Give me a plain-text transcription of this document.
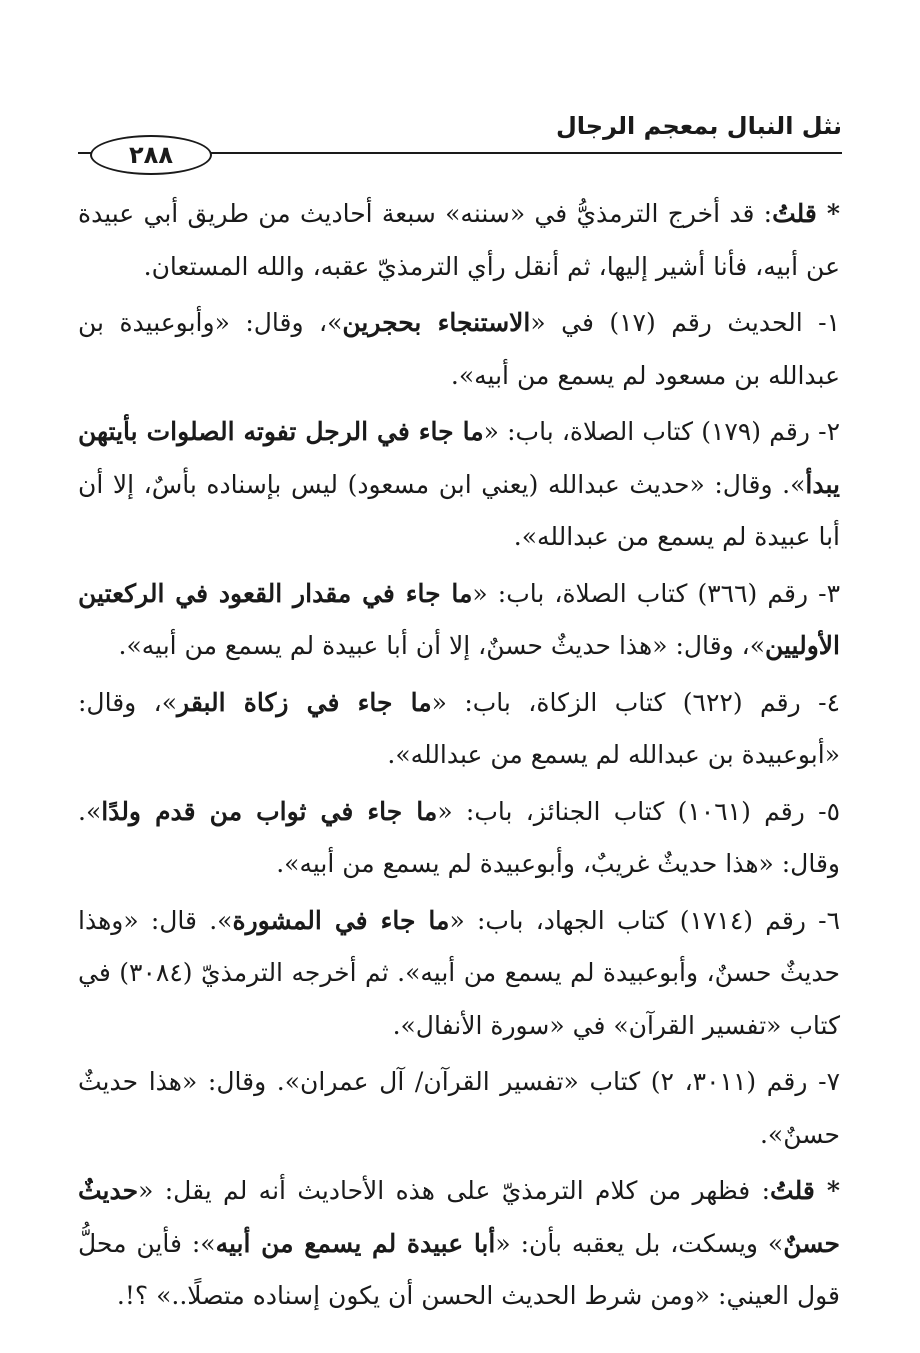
نثل النبال بمعجم الرجال
٢٨٨

* قلتُ: قد أخرج الترمذيُّ في «سننه» سبعة أحاديث من طريق أبي عبيدة عن أبيه، فأنا أشير إليها، ثم أنقل رأي الترمذيّ عقبه، والله المستعان.

١- الحديث رقم (١٧) في «الاستنجاء بحجرين»، وقال: «وأبوعبيدة بن عبدالله بن مسعود لم يسمع من أبيه».

٢- رقم (١٧٩) كتاب الصلاة، باب: «ما جاء في الرجل تفوته الصلوات بأيتهن يبدأ». وقال: «حديث عبدالله (يعني ابن مسعود) ليس بإسناده بأسٌ، إلا أن أبا عبيدة لم يسمع من عبدالله».

٣- رقم (٣٦٦) كتاب الصلاة، باب: «ما جاء في مقدار القعود في الركعتين الأوليين»، وقال: «هذا حديثٌ حسنٌ، إلا أن أبا عبيدة لم يسمع من أبيه».

٤- رقم (٦٢٢) كتاب الزكاة، باب: «ما جاء في زكاة البقر»، وقال: «أبوعبيدة بن عبدالله لم يسمع من عبدالله».

٥- رقم (١٠٦١) كتاب الجنائز، باب: «ما جاء في ثواب من قدم ولدًا». وقال: «هذا حديثٌ غريبٌ، وأبوعبيدة لم يسمع من أبيه».

٦- رقم (١٧١٤) كتاب الجهاد، باب: «ما جاء في المشورة». قال: «وهذا حديثٌ حسنٌ، وأبوعبيدة لم يسمع من أبيه». ثم أخرجه الترمذيّ (٣٠٨٤) في كتاب «تفسير القرآن» في «سورة الأنفال».

٧- رقم (٣٠١١، ٢) كتاب «تفسير القرآن/ آل عمران». وقال: «هذا حديثٌ حسنٌ».

* قلتُ: فظهر من كلام الترمذيّ على هذه الأحاديث أنه لم يقل: «حديثٌ حسنٌ» ويسكت، بل يعقبه بأن: «أبا عبيدة لم يسمع من أبيه»: فأين محلُّ قول العيني: «ومن شرط الحديث الحسن أن يكون إسناده متصلًا..» ؟!.
